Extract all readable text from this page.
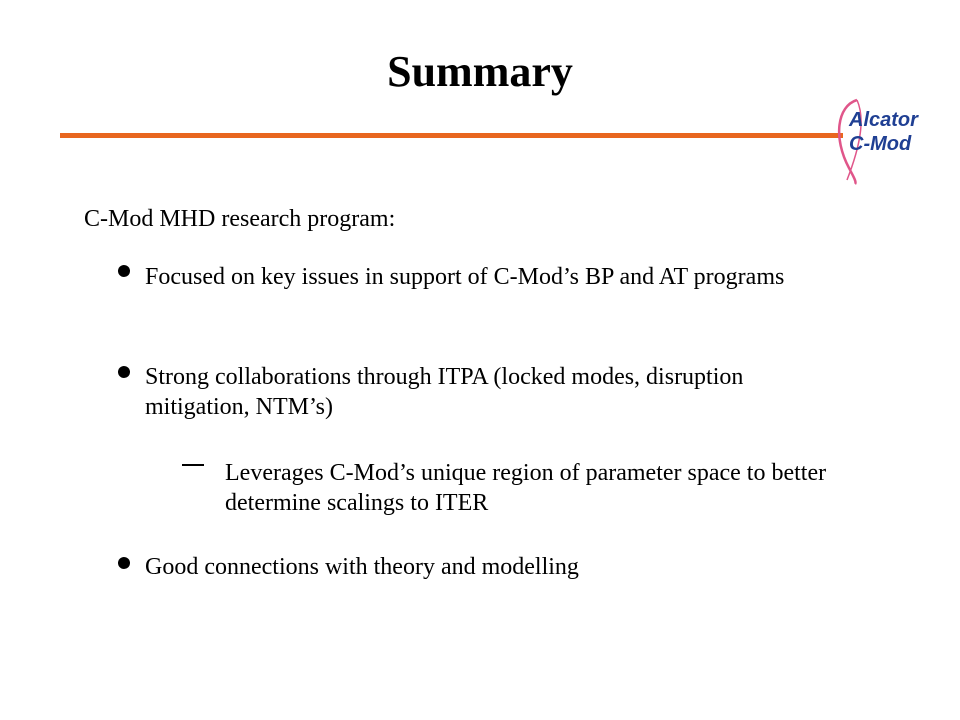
Summary
Alcator
C-Mod
C-Mod MHD research program:
Focused on key issues in support of C-Mod’s BP and AT programs
Strong collaborations through ITPA (locked modes, disruption mitigation, NTM’s)
Leverages C-Mod’s unique region of parameter space to better determine scalings to ITER
Good connections with theory and modelling
